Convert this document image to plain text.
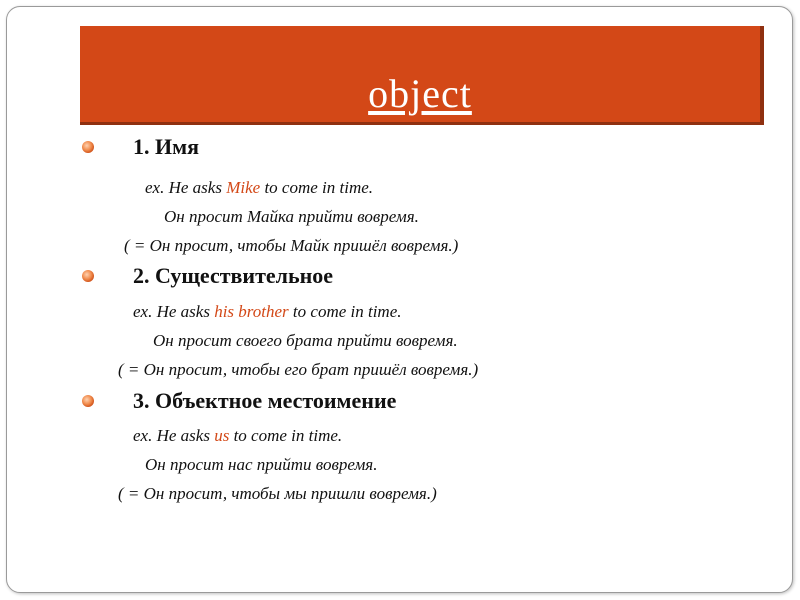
object
1. Имя
ex. He asks Mike to come in time.
Он просит Майка прийти вовремя.
( = Он просит, чтобы Майк пришёл вовремя.)
2. Существительное
ex. He asks his brother to come in time.
Он просит своего брата прийти вовремя.
( = Он просит, чтобы его брат пришёл вовремя.)
3. Объектное местоимение
ex. He asks us to come in time.
Он просит нас прийти вовремя.
( = Он просит, чтобы мы пришли вовремя.)
